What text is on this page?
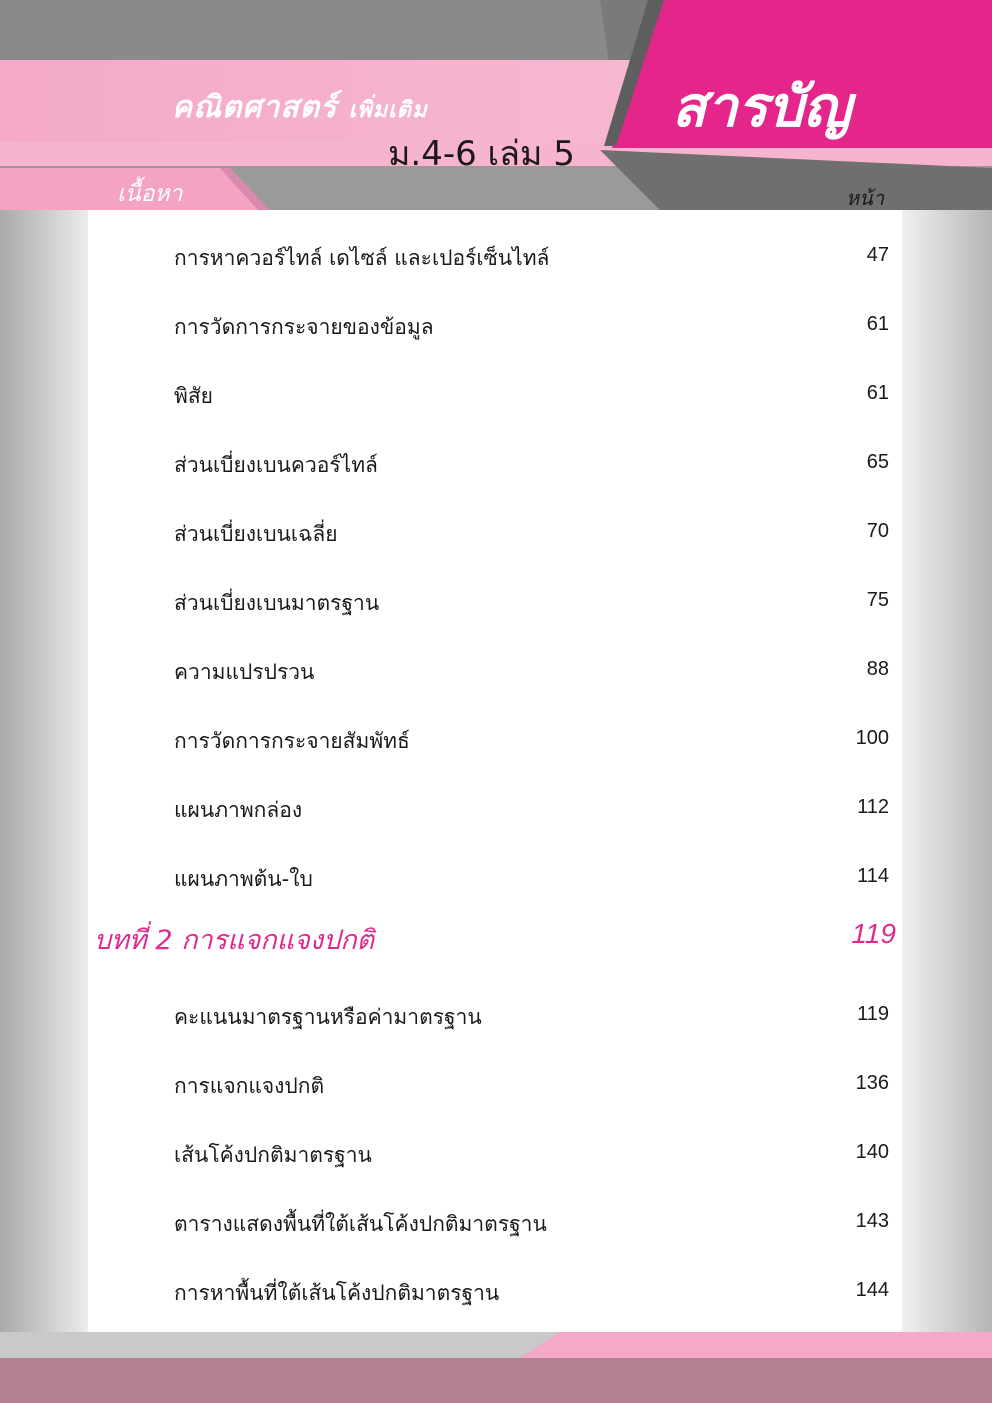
คณิตศาสตร์ เพิ่มเติม
ม.4-6 เล่ม 5
สารบัญ
เนื้อหา	หน้า
การหาควอร์ไทล์ เดไซล์ และเปอร์เซ็นไทล์	47
การวัดการกระจายของข้อมูล	61
พิสัย	61
ส่วนเบี่ยงเบนควอร์ไทล์	65
ส่วนเบี่ยงเบนเฉลี่ย	70
ส่วนเบี่ยงเบนมาตรฐาน	75
ความแปรปรวน	88
การวัดการกระจายสัมพัทธ์	100
แผนภาพกล่อง	112
แผนภาพต้น-ใบ	114
บทที่ 2 การแจกแจงปกติ	119
คะแนนมาตรฐานหรือค่ามาตรฐาน	119
การแจกแจงปกติ	136
เส้นโค้งปกติมาตรฐาน	140
ตารางแสดงพื้นที่ใต้เส้นโค้งปกติมาตรฐาน	143
การหาพื้นที่ใต้เส้นโค้งปกติมาตรฐาน	144
